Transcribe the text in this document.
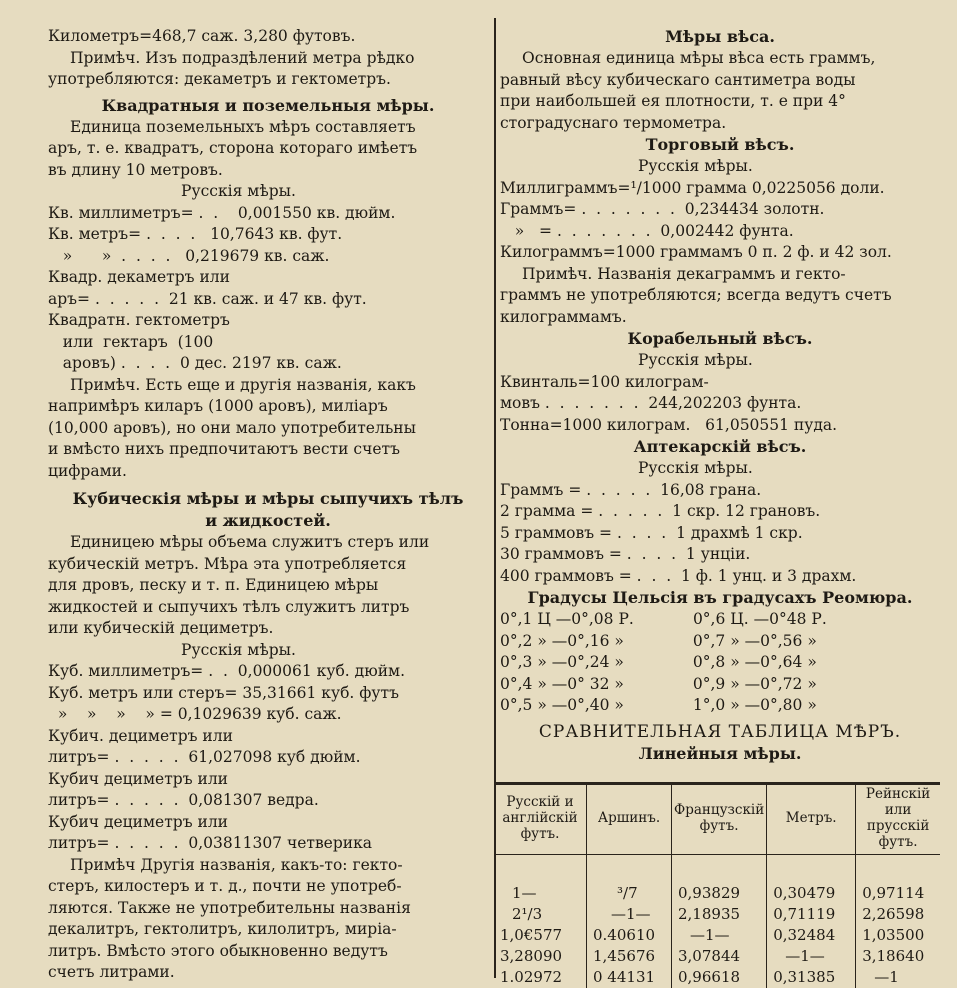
Километръ=468,7 саж. 3,280 футовъ.
Примѣч. Изъ подраздѣлений метра рѣдко
употребляются: декаметръ и гектометръ.
Квадратныя и поземельныя мѣры.
Единица поземельныхъ мѣръ составляетъ
аръ, т. е. квадратъ, сторона котораго имѣетъ
въ длину 10 метровъ.
Русскія мѣры.
Кв. миллиметръ= .  .    0,001550 кв. дюйм.
Кв. метръ= .  .  .  .   10,7643 кв. фут.
»      »  .  .  .  .   0,219679 кв. саж.
Квадр. декаметръ или
аръ= .  .  .  .  .  21 кв. саж. и 47 кв. фут.
Квадратн. гектометръ
или  гектаръ  (100
аровъ) .  .  .  .  0 дес. 2197 кв. саж.
Примѣч. Есть еще и другія названія, какъ
напримѣръ киларъ (1000 аровъ), миліаръ
(10,000 аровъ), но они мало употребительны
и вмѣсто нихъ предпочитаютъ вести счетъ
цифрами.
Кубическія мѣры и мѣры сыпучихъ тѣлъ
и жидкостей.
Единицею мѣры объема служитъ стеръ или
кубическій метръ. Мѣра эта употребляется
для дровъ, песку и т. п. Единицею мѣры
жидкостей и сыпучихъ тѣлъ служитъ литръ
или кубическій дециметръ.
Русскія мѣры.
Куб. миллиметръ= .  .  0,000061 куб. дюйм.
Куб. метръ или стеръ= 35,31661 куб. футъ
»    »    »    » = 0,1029639 куб. саж.
Кубич. дециметръ или
литръ= .  .  .  .  .  61,027098 куб дюйм.
Кубич дециметръ или
литръ= .  .  .  .  .  0,081307 ведра.
Кубич дециметръ или
литръ= .  .  .  .  .  0,03811307 четверика
Примѣч Другія названія, какъ-то: гекто-
стеръ, килостеръ и т. д., почти не употреб-
ляются. Также не употребительны названія
декалитръ, гектолитръ, килолитръ, миріа-
литръ. Вмѣсто этого обыкновенно ведутъ
счетъ литрами.
Мѣры вѣса.
Основная единица мѣры вѣса есть граммъ,
равный вѣсу кубическаго сантиметра воды
при наибольшей ея плотности, т. е при 4°
стоградуснаго термометра.
Торговый вѣсъ.
Русскія мѣры.
Миллиграммъ=¹/1000 грамма 0,0225056 доли.
Граммъ= .  .  .  .  .  .  .  0,234434 золотн.
»   = .  .  .  .  .  .  .  0,002442 фунта.
Килограммъ=1000 граммамъ 0 п. 2 ф. и 42 зол.
Примѣч. Названія декаграммъ и гекто-
граммъ не употребляются; всегда ведутъ счетъ
килограммамъ.
Корабельный вѣсъ.
Русскія мѣры.
Квинталь=100 килограм-
мовъ .  .  .  .  .  .  .  244,202203 фунта.
Тонна=1000 килограм.   61,050551 пуда.
Аптекарскій вѣсъ.
Русскія мѣры.
Граммъ = .  .  .  .  .  16,08 грана.
2 грамма = .  .  .  .  .  1 скр. 12 грановъ.
5 граммовъ = .  .  .  .  1 драхмѣ 1 скр.
30 граммовъ = .  .  .  .  1 унціи.
400 граммовъ = .  .  .  1 ф. 1 унц. и 3 драхм.
Градусы Цельсія въ градусахъ Реомюра.
0°,1 Ц —0°,08 Р.            0°,6 Ц. —0°48 Р.
0°,2 » —0°,16 »              0°,7 » —0°,56 »
0°,3 » —0°,24 »              0°,8 » —0°,64 »
0°,4 » —0° 32 »              0°,9 » —0°,72 »
0°,5 » —0°,40 »              1°,0 » —0°,80 »
СРАВНИТЕЛЬНАЯ ТАБЛИЦА МѢРЪ.
Линейныя мѣры.
Русскій и англійскій футъ.	Аршинъ.	Французскій футъ.	Метръ.	Рейнскій или прусскій футъ.
1—	³/7	0,93829	0,30479	0,97114
2¹/3	—1—	2,18935	0,71119	2,26598
1,0€577	0.40610	—1—	0,32484	1,03500
3,28090	1,45676	3,07844	—1—	3,18640
1.02972	0 44131	0,96618	0,31385	—1
